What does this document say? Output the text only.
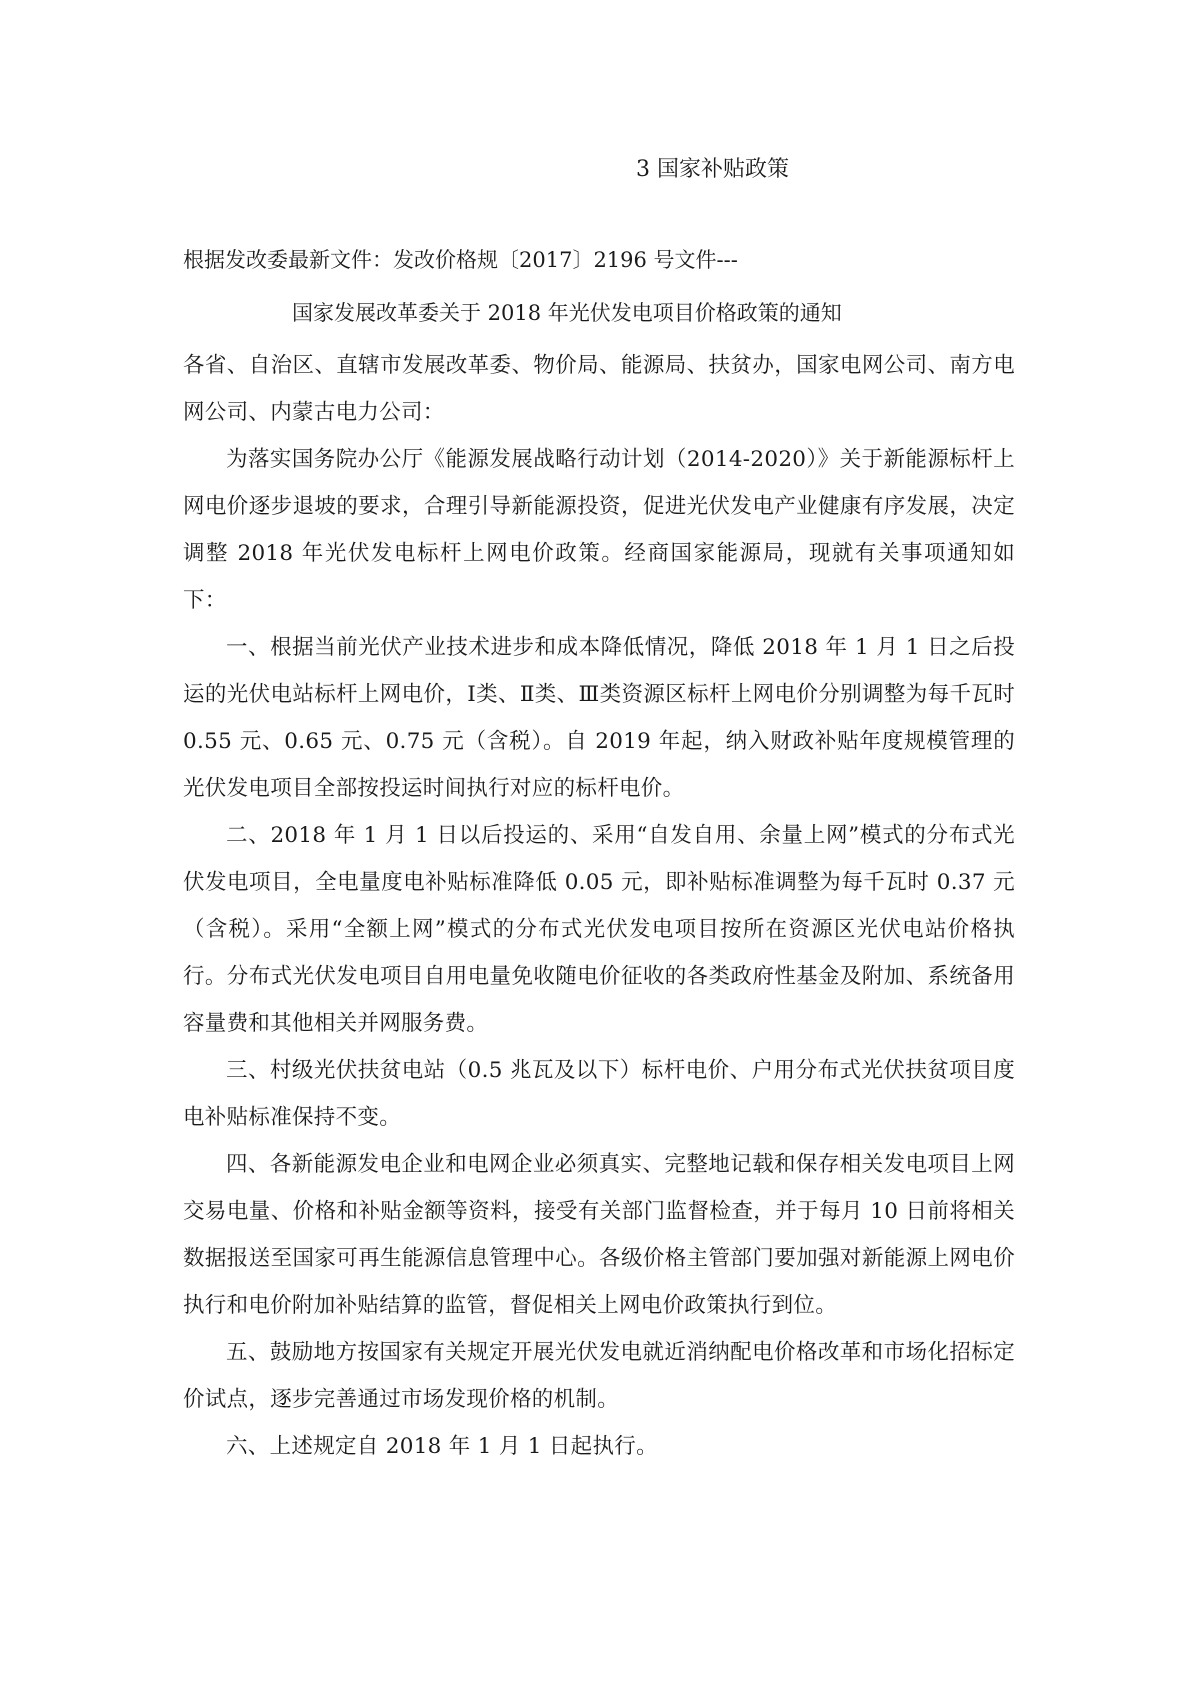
3 国家补贴政策
根据发改委最新文件：发改价格规〔2017〕2196 号文件---
国家发展改革委关于 2018 年光伏发电项目价格政策的通知

各省、自治区、直辖市发展改革委、物价局、能源局、扶贫办，国家电网公司、南方电网公司、内蒙古电力公司：

为落实国务院办公厅《能源发展战略行动计划（2014-2020）》关于新能源标杆上网电价逐步退坡的要求，合理引导新能源投资，促进光伏发电产业健康有序发展，决定调整 2018 年光伏发电标杆上网电价政策。经商国家能源局，现就有关事项通知如下：

一、根据当前光伏产业技术进步和成本降低情况，降低 2018 年 1 月 1 日之后投运的光伏电站标杆上网电价，Ⅰ类、Ⅱ类、Ⅲ类资源区标杆上网电价分别调整为每千瓦时 0.55 元、0.65 元、0.75 元（含税）。自 2019 年起，纳入财政补贴年度规模管理的光伏发电项目全部按投运时间执行对应的标杆电价。

二、2018 年 1 月 1 日以后投运的、采用“自发自用、余量上网”模式的分布式光伏发电项目，全电量度电补贴标准降低 0.05 元，即补贴标准调整为每千瓦时 0.37 元（含税）。采用“全额上网”模式的分布式光伏发电项目按所在资源区光伏电站价格执行。分布式光伏发电项目自用电量免收随电价征收的各类政府性基金及附加、系统备用容量费和其他相关并网服务费。

三、村级光伏扶贫电站（0.5 兆瓦及以下）标杆电价、户用分布式光伏扶贫项目度电补贴标准保持不变。

四、各新能源发电企业和电网企业必须真实、完整地记载和保存相关发电项目上网交易电量、价格和补贴金额等资料，接受有关部门监督检查，并于每月 10 日前将相关数据报送至国家可再生能源信息管理中心。各级价格主管部门要加强对新能源上网电价执行和电价附加补贴结算的监管，督促相关上网电价政策执行到位。

五、鼓励地方按国家有关规定开展光伏发电就近消纳配电价格改革和市场化招标定价试点，逐步完善通过市场发现价格的机制。

六、上述规定自 2018 年 1 月 1 日起执行。
